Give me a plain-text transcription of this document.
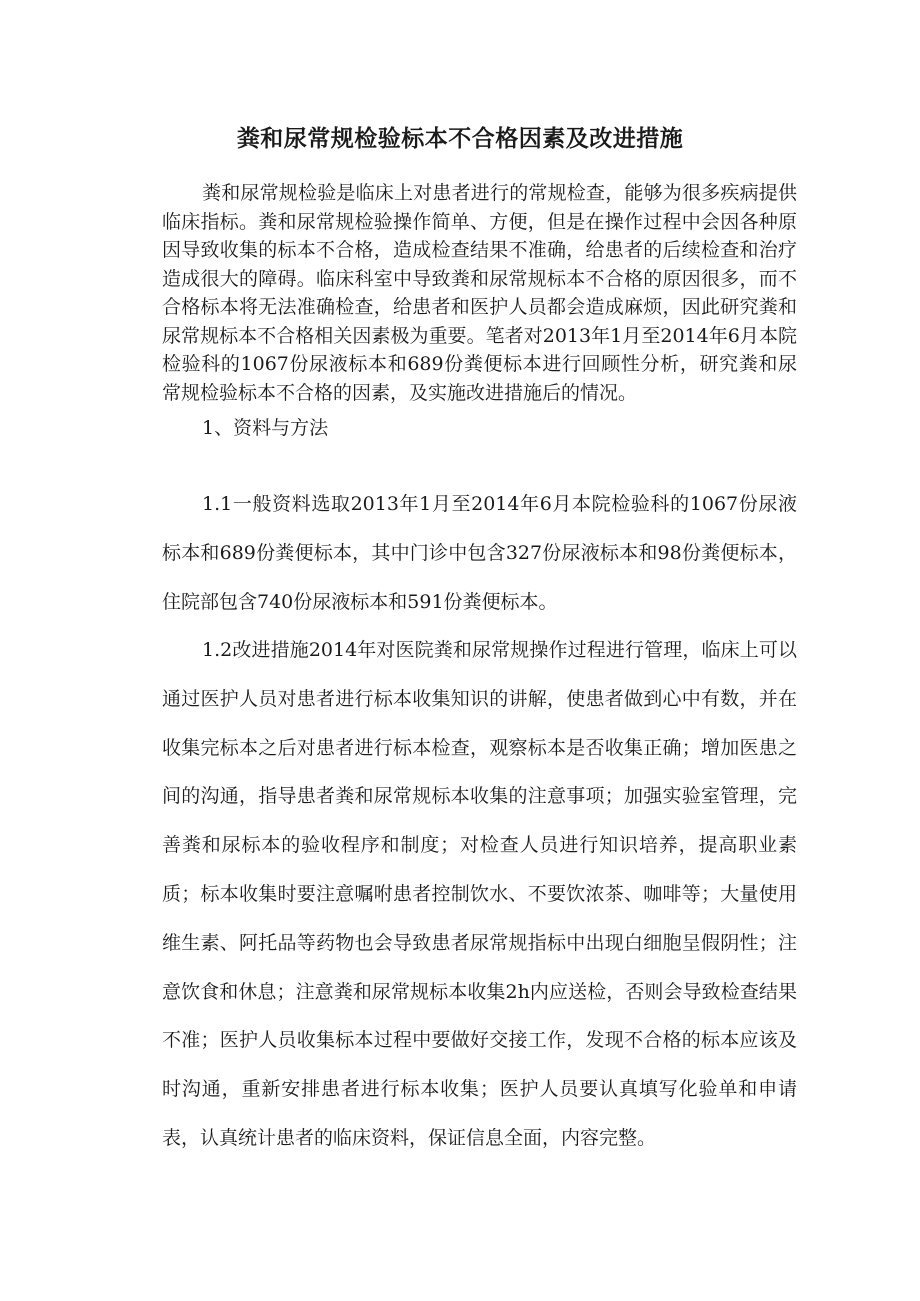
粪和尿常规检验标本不合格因素及改进措施

粪和尿常规检验是临床上对患者进行的常规检查，能够为很多疾病提供临床指标。粪和尿常规检验操作简单、方便，但是在操作过程中会因各种原因导致收集的标本不合格，造成检查结果不准确，给患者的后续检查和治疗造成很大的障碍。临床科室中导致粪和尿常规标本不合格的原因很多，而不合格标本将无法准确检查，给患者和医护人员都会造成麻烦，因此研究粪和尿常规标本不合格相关因素极为重要。笔者对2013年1月至2014年6月本院检验科的1067份尿液标本和689份粪便标本进行回顾性分析，研究粪和尿常规检验标本不合格的因素，及实施改进措施后的情况。

1、资料与方法

1.1一般资料选取2013年1月至2014年6月本院检验科的1067份尿液标本和689份粪便标本，其中门诊中包含327份尿液标本和98份粪便标本，住院部包含740份尿液标本和591份粪便标本。

1.2改进措施2014年对医院粪和尿常规操作过程进行管理，临床上可以通过医护人员对患者进行标本收集知识的讲解，使患者做到心中有数，并在收集完标本之后对患者进行标本检查，观察标本是否收集正确；增加医患之间的沟通，指导患者粪和尿常规标本收集的注意事项；加强实验室管理，完善粪和尿标本的验收程序和制度；对检查人员进行知识培养，提高职业素质；标本收集时要注意嘱咐患者控制饮水、不要饮浓茶、咖啡等；大量使用维生素、阿托品等药物也会导致患者尿常规指标中出现白细胞呈假阴性；注意饮食和休息；注意粪和尿常规标本收集2h内应送检，否则会导致检查结果不准；医护人员收集标本过程中要做好交接工作，发现不合格的标本应该及时沟通，重新安排患者进行标本收集；医护人员要认真填写化验单和申请表，认真统计患者的临床资料，保证信息全面，内容完整。
